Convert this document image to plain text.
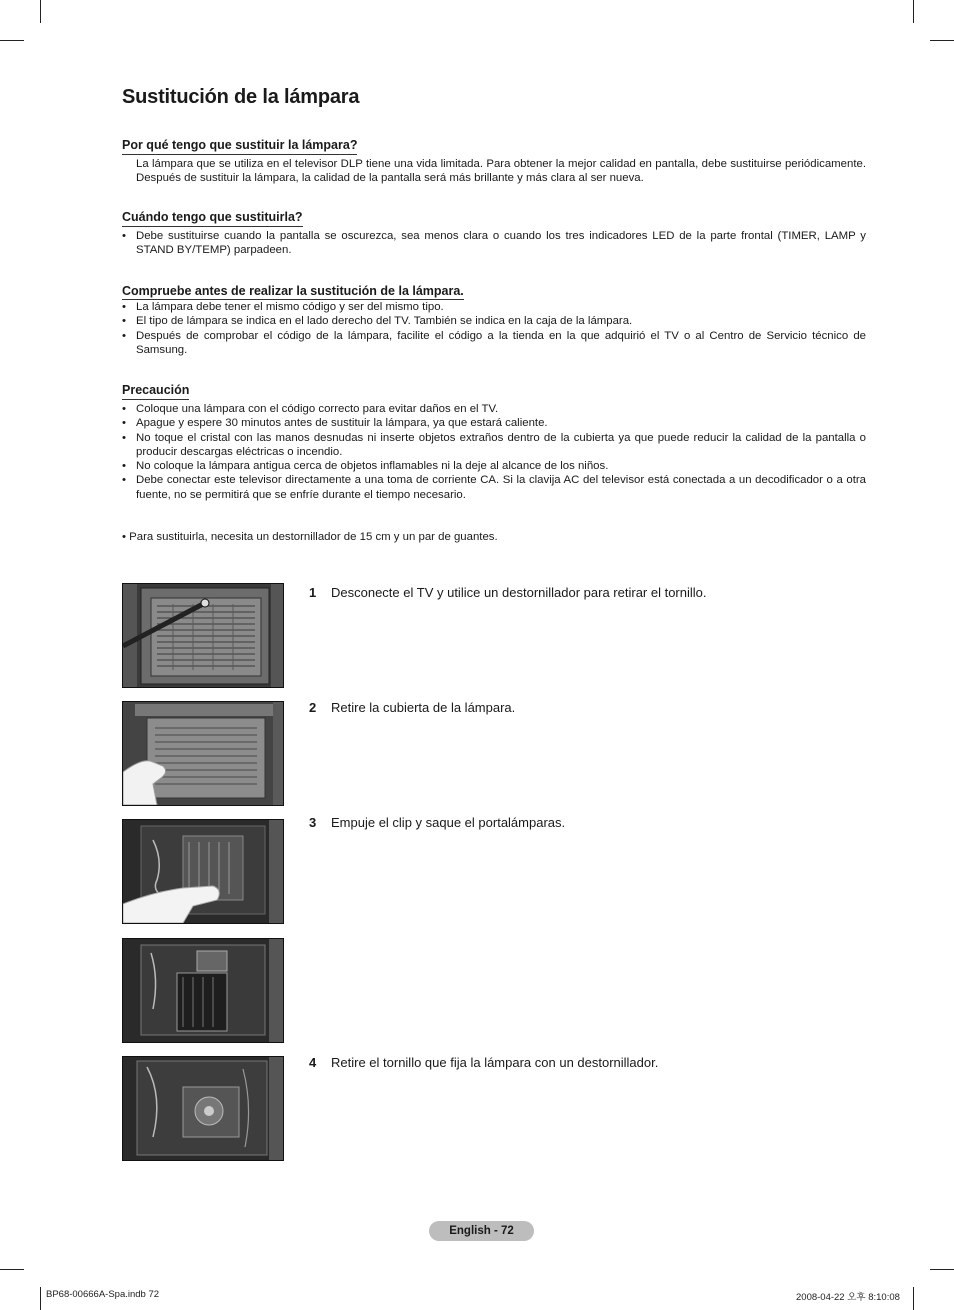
Sustitución de la lámpara
Por qué tengo que sustituir la lámpara?

La lámpara que se utiliza en el televisor DLP tiene una vida limitada. Para obtener la mejor calidad en pantalla, debe sustituirse periódicamente. Después de sustituir la lámpara, la calidad de la pantalla será más brillante y más clara al ser nueva.

Cuándo tengo que sustituirla?
• Debe sustituirse cuando la pantalla se oscurezca, sea menos clara o cuando los tres indicadores LED de la parte frontal (TIMER, LAMP y STAND BY/TEMP) parpadeen.
Compruebe antes de realizar la sustitución de la lámpara.
• La lámpara debe tener el mismo código y ser del mismo tipo.
• El tipo de lámpara se indica en el lado derecho del TV. También se indica en la caja de la lámpara.
• Después de comprobar el código de la lámpara, facilite el código a la tienda en la que adquirió el TV o al Centro de Servicio técnico de Samsung.
Precaución
• Coloque una lámpara con el código correcto para evitar daños en el TV.
• Apague y espere 30 minutos antes de sustituir la lámpara, ya que estará caliente.
• No toque el cristal con las manos desnudas ni inserte objetos extraños dentro de la cubierta ya que puede reducir la calidad de la pantalla o producir descargas eléctricas o incendio.
• No coloque la lámpara antigua cerca de objetos inflamables ni la deje al alcance de los niños.
• Debe conectar este televisor directamente a una toma de corriente CA. Si la clavija AC del televisor está conectada a un decodificador o a otra fuente, no se permitirá que se enfríe durante el tiempo necesario.
• Para sustituirla, necesita un destornillador de 15 cm y un par de guantes.
1 Desconecte el TV y utilice un destornillador para retirar el tornillo.
2 Retire la cubierta de la lámpara.
3 Empuje el clip y saque el portalámparas.
4 Retire el tornillo que fija la lámpara con un destornillador.
English - 72
BP68-00666A-Spa.indb 72	2008-04-22 오후 8:10:08
